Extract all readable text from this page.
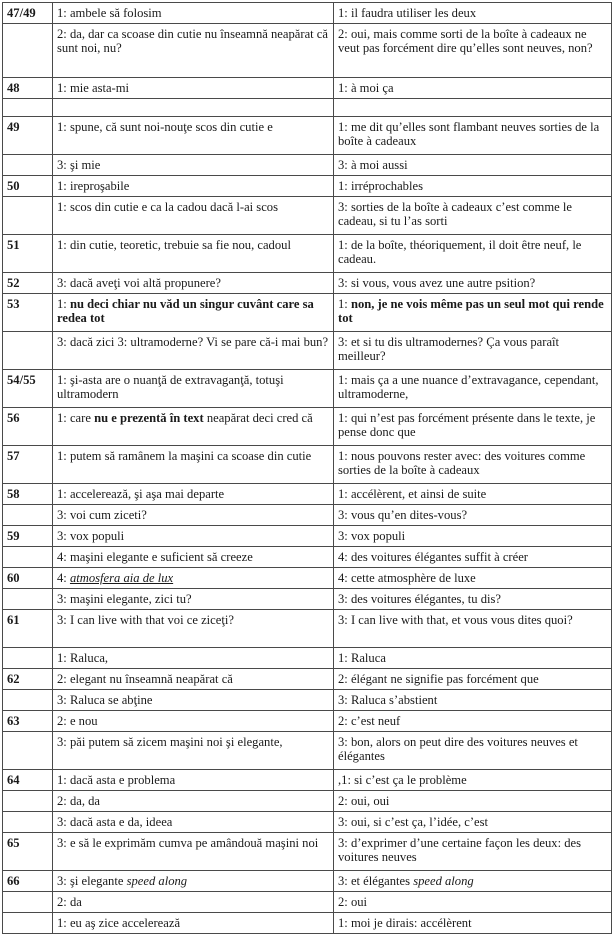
47/49	1: ambele să folosim	1: il faudra utiliser les deux
	2: da, dar ca scoase din cutie nu înseamnă neapărat că sunt noi, nu?	2: oui, mais comme sorti de la boîte à cadeaux ne veut pas forcément dire qu’elles sont neuves, non?
48	1: mie asta-mi	1: à moi ça

49	1: spune, că sunt noi-nouţe scos din cutie e	1: me dit qu’elles sont flambant neuves sorties de la boîte à cadeaux
	3: şi mie	3: à moi aussi
50	1: ireproşabile	1: irréprochables
	1: scos din cutie e ca la cadou dacă l-ai scos	3: sorties de la boîte à cadeaux c’est comme le cadeau, si tu l’as sorti
51	1: din cutie, teoretic, trebuie sa fie nou, cadoul	1: de la boîte, théoriquement, il doit être neuf, le cadeau.
52	3: dacă aveţi voi altă propunere?	3: si vous, vous avez une autre psition?
53	1: nu deci chiar nu văd un singur cuvânt care sa redea tot	1: non, je ne vois même pas un seul mot qui rende tot
	3: dacă zici 3: ultramoderne? Vi se pare că-i mai bun?	3: et si tu dis ultramodernes? Ça vous paraît meilleur?
54/55	1: şi-asta are o nuanţă de extravaganţă, totuşi ultramodern	1: mais ça a une nuance d’extravagance, cependant, ultramoderne,
56	1: care nu e prezentă în text neapărat deci cred că	1: qui n’est pas forcément présente dans le texte, je pense donc que
57	1: putem să ramânem la maşini ca scoase din cutie	1: nous pouvons rester avec: des voitures comme sorties de la boîte à cadeaux
58	1: accelerează, şi aşa mai departe	1: accélèrent, et ainsi de suite
	3: voi cum ziceti?	3: vous qu’en dites-vous?
59	3: vox populi	3: vox populi
	4: maşini elegante e suficient să creeze	4: des voitures élégantes suffit à créer
60	4: atmosfera aia de lux	4: cette atmosphère de luxe
	3: maşini elegante, zici tu?	3: des voitures élégantes, tu dis?
61	3: I can live with that voi ce ziceţi?	3: I can live with that, et vous vous dites quoi?
	1: Raluca,	1: Raluca
62	2: elegant nu înseamnă neapărat că	2: élégant ne signifie pas forcément que
	3: Raluca se abţine	3: Raluca s’abstient
63	2: e nou	2: c’est neuf
	3: păi putem să zicem maşini noi şi elegante,	3: bon, alors on peut dire des voitures neuves et élégantes
64	1: dacă asta e problema	,1: si c’est ça le problème
	2: da, da	2: oui, oui
	3: dacă asta e da, ideea	3: oui, si c’est ça, l’idée, c’est
65	3: e să le exprimăm cumva pe amândouă maşini noi	3: d’exprimer d’une certaine façon les deux: des voitures neuves
66	3: şi elegante speed along	3: et élégantes speed along
	2: da	2: oui
	1: eu aş zice accelerează	1: moi je dirais: accélèrent
